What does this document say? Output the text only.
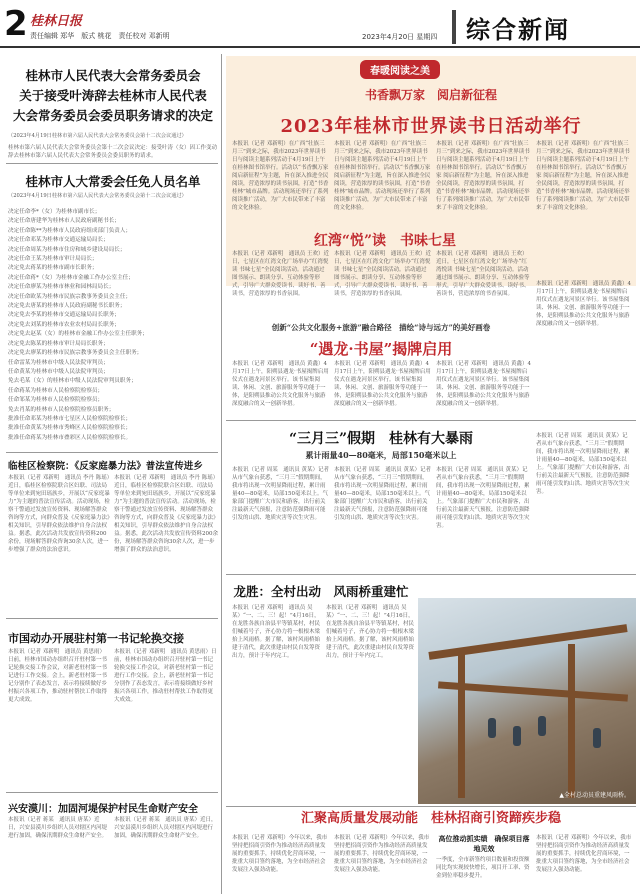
2 桂林日报
责任编辑 郑华　版式 桃花　责任校对 邓新明	2023年4月20日 星期四	综合新闻
桂林市人民代表大会常务委员会
关于接受叶涛辞去桂林市人民代表
大会常务委员会委员职务请求的决定
（2023年4月19日桂林市第六届人民代表大会常务委员会第十二次会议通过）
桂林市第六届人民代表大会常务委员会第十二次会议决定：接受叶涛（女）因工作变动辞去桂林市第六届人民代表大会常务委员会委员职务的请求。
桂林市人大常委会任免人员名单
（2023年4月19日桂林市第六届人民代表大会常务委员会第十二次会议通过）
决定任命李*（女）为桂林市副市长；
决定任命唐建华为桂林市人民政府副秘书长；
决定任命陈**为桂林市人民政府组成部门负责人；
决定任命邓某为桂林市交通运输局局长；
决定任命周某为桂林市住房和城乡建设局局长；
决定任命王某为桂林市审计局局长；
决定免去蒋某的桂林市副市长职务；
决定任命蒋*（女）为桂林市金融工作办公室主任；
决定任命廖某为桂林市林业和园林局局长；
决定任命欧某为桂林市民族宗教事务委员会主任；
决定免去唐某的桂林市人民政府副秘书长职务；
决定免去李某的桂林市交通运输局局长职务；
决定免去刘某的桂林市农业农村局局长职务；
决定免去赵某（女）的桂林市金融工作办公室主任职务；
决定免去陈某的桂林市审计局局长职务；
决定免去廖某的桂林市民族宗教事务委员会主任职务；
任命雷某为桂林市中级人民法院审判员；
任命黄某为桂林市中级人民法院审判员；
免去毛某（女）的桂林市中级人民法院审判员职务；
任命蒋某为桂林市人民检察院检察员；
任命邹某为桂林市人民检察院检察员；
免去肖某的桂林市人民检察院检察员职务；
批准任命邓某为桂林市七星区人民检察院检察长；
批准任命黄某为桂林市秀峰区人民检察院检察长；
批准任命蒋某为桂林市叠彩区人民检察院检察长。
临桂区检察院：《反家庭暴力法》普法宣传进乡
本报讯（记者 邓新明　通讯员 李丹 陈瑶）近日，临桂区检察院联合区妇联、司法局等单位来到宛田瑶族乡，开展以“反家庭暴力”为主题的普法宣传活动。活动现场，检察干警通过发放宣传资料、现场解答群众咨询等方式，向群众普及《反家庭暴力法》相关知识，引导群众依法维护自身合法权益。据悉，此次活动共发放宣传资料200余份，现场解答群众咨询30余人次，进一步增强了群众的法治意识。
本报讯（记者 邓新明　通讯员 李丹 陈瑶）近日，临桂区检察院联合区妇联、司法局等单位来到宛田瑶族乡，开展以“反家庭暴力”为主题的普法宣传活动。活动现场，检察干警通过发放宣传资料、现场解答群众咨询等方式，向群众普及《反家庭暴力法》相关知识，引导群众依法维护自身合法权益。据悉，此次活动共发放宣传资料200余份，现场解答群众咨询30余人次，进一步增强了群众的法治意识。
市国动办开展驻村第一书记轮换交接
本报讯（记者 邓新明　通讯员 黄思雨）日前，桂林市国动办组织召开驻村第一书记轮换交接工作会议，对新老驻村第一书记进行工作交接。会上，新老驻村第一书记分别作了表态发言，表示将接续做好乡村振兴各项工作，推动驻村帮扶工作取得更大成效。
本报讯（记者 邓新明　通讯员 黄思雨）日前，桂林市国动办组织召开驻村第一书记轮换交接工作会议，对新老驻村第一书记进行工作交接。会上，新老驻村第一书记分别作了表态发言，表示将接续做好乡村振兴各项工作，推动驻村帮扶工作取得更大成效。
兴安漠川：加固河堤保护村民生命财产安全
本报讯（记者 蒋某　通讯员 唐某）近日，兴安县漠川乡组织人员对辖区内河堤进行加固，确保汛期群众生命财产安全。
本报讯（记者 蒋某　通讯员 唐某）近日，兴安县漠川乡组织人员对辖区内河堤进行加固，确保汛期群众生命财产安全。
春暖阅读之美
书香飘万家　阅启新征程
2023年桂林市世界读书日活动举行
本报讯（记者 邓新明）在广西“壮族三月三”到来之际，我市2023年世界读书日与阅读主题系列活动于4月19日上午在桂林图书馆举行。活动以“书香飘万家 阅启新征程”为主题，旨在深入推进全民阅读，营造浓厚的读书氛围，打造“书香桂林”城市品牌。活动现场还举行了系列阅读推广活动，为广大市民带来了丰富的文化体验。
本报讯（记者 邓新明）在广西“壮族三月三”到来之际，我市2023年世界读书日与阅读主题系列活动于4月19日上午在桂林图书馆举行。活动以“书香飘万家 阅启新征程”为主题，旨在深入推进全民阅读，营造浓厚的读书氛围，打造“书香桂林”城市品牌。活动现场还举行了系列阅读推广活动，为广大市民带来了丰富的文化体验。
本报讯（记者 邓新明）在广西“壮族三月三”到来之际，我市2023年世界读书日与阅读主题系列活动于4月19日上午在桂林图书馆举行。活动以“书香飘万家 阅启新征程”为主题，旨在深入推进全民阅读，营造浓厚的读书氛围，打造“书香桂林”城市品牌。活动现场还举行了系列阅读推广活动，为广大市民带来了丰富的文化体验。
本报讯（记者 邓新明）在广西“壮族三月三”到来之际，我市2023年世界读书日与阅读主题系列活动于4月19日上午在桂林图书馆举行。活动以“书香飘万家 阅启新征程”为主题，旨在深入推进全民阅读，营造浓厚的读书氛围，打造“书香桂林”城市品牌。活动现场还举行了系列阅读推广活动，为广大市民带来了丰富的文化体验。
红湾“悦”读　书味七星
本报讯（记者 邓新明　通讯员 王欢）近日，七星区在红湾文化广场举办“红湾悦读 书味七星”全民阅读活动。活动通过图书展示、朗读分享、互动体验等形式，引导广大群众爱读书、读好书、善读书，营造浓厚的书香氛围。
本报讯（记者 邓新明　通讯员 王欢）近日，七星区在红湾文化广场举办“红湾悦读 书味七星”全民阅读活动。活动通过图书展示、朗读分享、互动体验等形式，引导广大群众爱读书、读好书、善读书，营造浓厚的书香氛围。
本报讯（记者 邓新明　通讯员 王欢）近日，七星区在红湾文化广场举办“红湾悦读 书味七星”全民阅读活动。活动通过图书展示、朗读分享、互动体验等形式，引导广大群众爱读书、读好书、善读书，营造浓厚的书香氛围。
创新“公共文化服务+旅游”融合路径　描绘“诗与远方”的美好画卷
“遇龙·书屋”揭牌启用
本报讯（记者 邓新明　通讯员 黄鑫）4月17日上午，阳朔县遇龙·书屋揭牌启用仪式在遇龙河景区举行。该书屋集阅读、休闲、文创、旅游服务等功能于一体，是阳朔县推动公共文化服务与旅游深度融合的又一创新举措。
本报讯（记者 邓新明　通讯员 黄鑫）4月17日上午，阳朔县遇龙·书屋揭牌启用仪式在遇龙河景区举行。该书屋集阅读、休闲、文创、旅游服务等功能于一体，是阳朔县推动公共文化服务与旅游深度融合的又一创新举措。
本报讯（记者 邓新明　通讯员 黄鑫）4月17日上午，阳朔县遇龙·书屋揭牌启用仪式在遇龙河景区举行。该书屋集阅读、休闲、文创、旅游服务等功能于一体，是阳朔县推动公共文化服务与旅游深度融合的又一创新举措。
本报讯（记者 邓新明　通讯员 黄鑫）4月17日上午，阳朔县遇龙·书屋揭牌启用仪式在遇龙河景区举行。该书屋集阅读、休闲、文创、旅游服务等功能于一体，是阳朔县推动公共文化服务与旅游深度融合的又一创新举措。
“三月三”假期　桂林有大暴雨
累计雨量40—80毫米，局部150毫米以上
本报讯（记者 周某　通讯员 黄某）记者从市气象台获悉，“三月三”假期期间，我市将出现一次明显降雨过程，累计雨量40—80毫米，局部150毫米以上。气象部门提醒广大市民和游客，出行前关注最新天气预报，注意防范强降雨可能引发的山洪、地质灾害等次生灾害。
本报讯（记者 周某　通讯员 黄某）记者从市气象台获悉，“三月三”假期期间，我市将出现一次明显降雨过程，累计雨量40—80毫米，局部150毫米以上。气象部门提醒广大市民和游客，出行前关注最新天气预报，注意防范强降雨可能引发的山洪、地质灾害等次生灾害。
本报讯（记者 周某　通讯员 黄某）记者从市气象台获悉，“三月三”假期期间，我市将出现一次明显降雨过程，累计雨量40—80毫米，局部150毫米以上。气象部门提醒广大市民和游客，出行前关注最新天气预报，注意防范强降雨可能引发的山洪、地质灾害等次生灾害。
本报讯（记者 周某　通讯员 黄某）记者从市气象台获悉，“三月三”假期期间，我市将出现一次明显降雨过程，累计雨量40—80毫米，局部150毫米以上。气象部门提醒广大市民和游客，出行前关注最新天气预报，注意防范强降雨可能引发的山洪、地质灾害等次生灾害。
龙胜：全村出动　风雨桥重建忙
本报讯（记者 邓新明　通讯员 吴某）“一、二、三！起！”4月16日，在龙胜各族自治县平等镇某村，村民们喊着号子，齐心协力将一根根木梁抬上风雨桥。据了解，该村风雨桥始建于清代，此次重建由村民自发筹资出力，预计于年内完工。
本报讯（记者 邓新明　通讯员 吴某）“一、二、三！起！”4月16日，在龙胜各族自治县平等镇某村，村民们喊着号子，齐心协力将一根根木梁抬上风雨桥。据了解，该村风雨桥始建于清代，此次重建由村民自发筹资出力，预计于年内完工。
▲全村总动员重建风雨桥。
汇聚高质量发展动能　桂林招商引资蹄疾步稳
本报讯（记者 邓新明）今年以来，我市坚持把招商引资作为推动经济高质量发展的重要抓手，持续优化营商环境，一批重大项目签约落地，为全市经济社会发展注入强劲动能。
本报讯（记者 邓新明）今年以来，我市坚持把招商引资作为推动经济高质量发展的重要抓手，持续优化营商环境，一批重大项目签约落地，为全市经济社会发展注入强劲动能。
高位推动抓实绩　确保项目落地见效
一季度，全市新签约项目数量和投资额同比均实现较快增长，项目开工率、资金到位率稳步提升。
本报讯（记者 邓新明）今年以来，我市坚持把招商引资作为推动经济高质量发展的重要抓手，持续优化营商环境，一批重大项目签约落地，为全市经济社会发展注入强劲动能。
